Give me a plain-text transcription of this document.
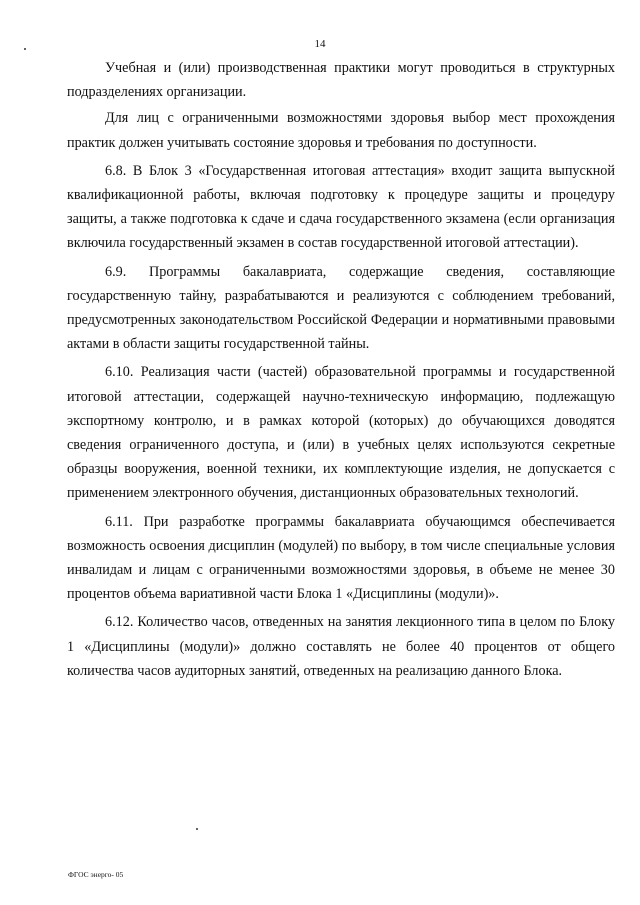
14

Учебная и (или) производственная практики могут проводиться в структурных подразделениях организации.

Для лиц с ограниченными возможностями здоровья выбор мест прохождения практик должен учитывать состояние здоровья и требования по доступности.

6.8. В Блок 3 «Государственная итоговая аттестация» входит защита выпускной квалификационной работы, включая подготовку к процедуре защиты и процедуру защиты, а также подготовка к сдаче и сдача государственного экзамена (если организация включила государственный экзамен в состав государственной итоговой аттестации).

6.9. Программы бакалавриата, содержащие сведения, составляющие государственную тайну, разрабатываются и реализуются с соблюдением требований, предусмотренных законодательством Российской Федерации и нормативными правовыми актами в области защиты государственной тайны.

6.10. Реализация части (частей) образовательной программы и государственной итоговой аттестации, содержащей научно-техническую информацию, подлежащую экспортному контролю, и в рамках которой (которых) до обучающихся доводятся сведения ограниченного доступа, и (или) в учебных целях используются секретные образцы вооружения, военной техники, их комплектующие изделия, не допускается с применением электронного обучения, дистанционных образовательных технологий.

6.11. При разработке программы бакалавриата обучающимся обеспечивается возможность освоения дисциплин (модулей) по выбору, в том числе специальные условия инвалидам и лицам с ограниченными возможностями здоровья, в объеме не менее 30 процентов объема вариативной части Блока 1 «Дисциплины (модули)».

6.12. Количество часов, отведенных на занятия лекционного типа в целом по Блоку 1 «Дисциплины (модули)» должно составлять не более 40 процентов от общего количества часов аудиторных занятий, отведенных на реализацию данного Блока.

ФГОС энерго- 05
